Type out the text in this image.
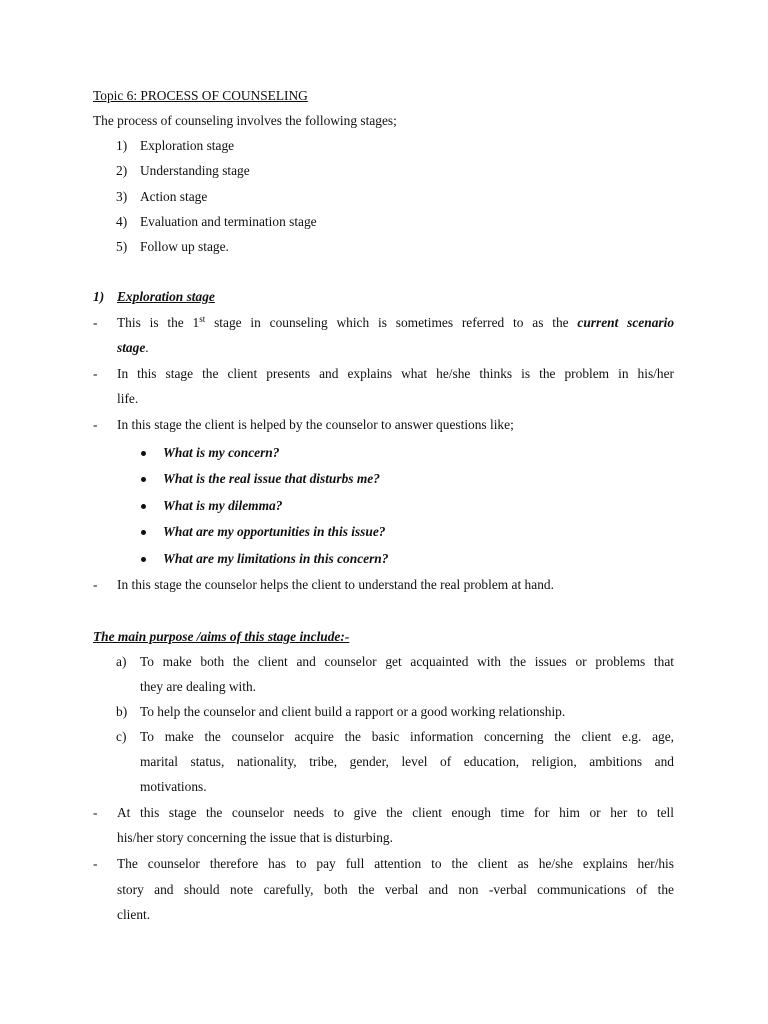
Topic 6: PROCESS OF COUNSELING
The process of counseling involves the following stages;
1) Exploration stage
2) Understanding stage
3) Action stage
4) Evaluation and termination stage
5) Follow up stage.
1) Exploration stage
- This is the 1st stage in counseling which is sometimes referred to as the current scenario
stage.
- In this stage the client presents and explains what he/she thinks is the problem in his/her
life.
- In this stage the client is helped by the counselor to answer questions like;
What is my concern?
What is the real issue that disturbs me?
What is my dilemma?
What are my opportunities in this issue?
What are my limitations in this concern?
- In this stage the counselor helps the client to understand the real problem at hand.
The main purpose /aims of this stage include:-
a) To make both the client and counselor get acquainted with the issues or problems that
they are dealing with.
b) To help the counselor and client build a rapport or a good working relationship.
c) To make the counselor acquire the basic information concerning the client e.g. age,
marital status, nationality, tribe, gender, level of education, religion, ambitions and
motivations.
- At this stage the counselor needs to give the client enough time for him or her to tell
his/her story concerning the issue that is disturbing.
- The counselor therefore has to pay full attention to the client as he/she explains her/his
story and should note carefully, both the verbal and non -verbal communications of the
client.
